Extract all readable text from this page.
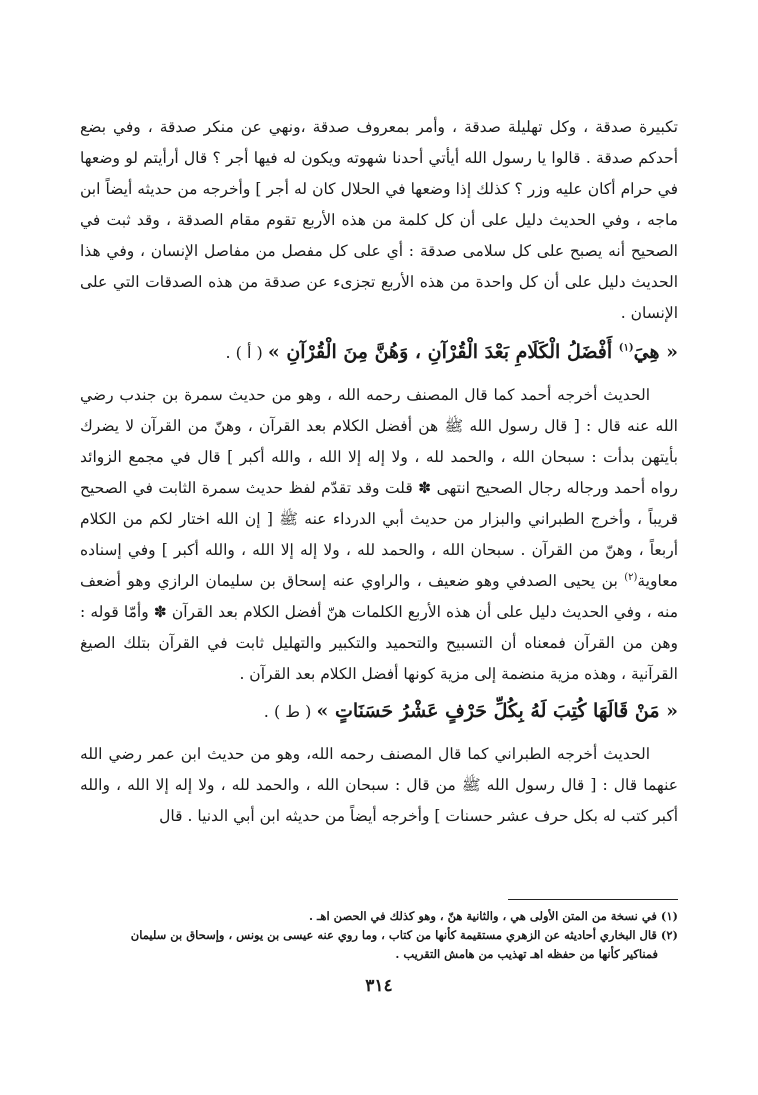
تكبيرة صدقة ، وكل تهليلة صدقة ، وأمر بمعروف صدقة ،ونهي عن منكر صدقة ، وفي بضع أحدكم صدقة . قالوا يا رسول الله أيأتي أحدنا شهوته ويكون له فيها أجر ؟ قال أرأيتم لو وضعها في حرام أكان عليه وزر ؟ كذلك إذا وضعها في الحلال كان له أجر ] وأخرجه من حديثه أيضاً ابن ماجه ، وفي الحديث دليل على أن كل كلمة من هذه الأربع تقوم مقام الصدقة ، وقد ثبت في الصحيح أنه يصبح على كل سلامى صدقة : أي على كل مفصل من مفاصل الإنسان ، وفي هذا الحديث دليل على أن كل واحدة من هذه الأربع تجزىء عن صدقة من هذه الصدقات التي على الإنسان .

« هِيَ$^{(١)}$ أَفْضَلُ الْكَلَامِ بَعْدَ الْقُرْآنِ ، وَهُنَّ مِنَ الْقُرْآنِ » ( أ ) .

الحديث أخرجه أحمد كما قال المصنف رحمه الله ، وهو من حديث سمرة بن جندب رضي الله عنه قال : [ قال رسول الله ﷺ هن أفضل الكلام بعد القرآن ، وهنّ من القرآن لا يضرك بأيتهن بدأت : سبحان الله ، والحمد لله ، ولا إله إلا الله ، والله أكبر ] قال في مجمع الزوائد رواه أحمد ورجاله رجال الصحيح انتهى ✽ قلت وقد تقدّم لفظ حديث سمرة الثابت في الصحيح قريباً ، وأخرج الطبراني والبزار من حديث أبي الدرداء عنه ﷺ [ إن الله اختار لكم من الكلام أربعاً ، وهنّ من القرآن . سبحان الله ، والحمد لله ، ولا إله إلا الله ، والله أكبر ] وفي إسناده معاوية$^{(٢)}$ بن يحيى الصدفي وهو ضعيف ، والراوي عنه إسحاق بن سليمان الرازي وهو أضعف منه ، وفي الحديث دليل على أن هذه الأربع الكلمات هنّ أفضل الكلام بعد القرآن ✽ وأمّا قوله : وهن من القرآن فمعناه أن التسبيح والتحميد والتكبير والتهليل ثابت في القرآن بتلك الصيغ القرآنية ، وهذه مزية منضمة إلى مزية كونها أفضل الكلام بعد القرآن .

« مَنْ قَالَهَا كُتِبَ لَهُ بِكُلِّ حَرْفٍ عَشْرُ حَسَنَاتٍ » ( ط ) .

الحديث أخرجه الطبراني كما قال المصنف رحمه الله، وهو من حديث ابن عمر رضي الله عنهما قال : [ قال رسول الله ﷺ من قال : سبحان الله ، والحمد لله ، ولا إله إلا الله ، والله أكبر كتب له بكل حرف عشر حسنات ] وأخرجه أيضاً من حديثه ابن أبي الدنيا . قال

(١) في نسخة من المتن الأولى هي ، والثانية هنّ ، وهو كذلك في الحصن اهـ .

(٢) قال البخاري أحاديثه عن الزهري مستقيمة كأنها من كتاب ، وما روي عنه عيسى بن يونس ، وإسحاق بن سليمان

فمناكير كأنها من حفظه اهـ تهذيب من هامش التقريب .

٣١٤
